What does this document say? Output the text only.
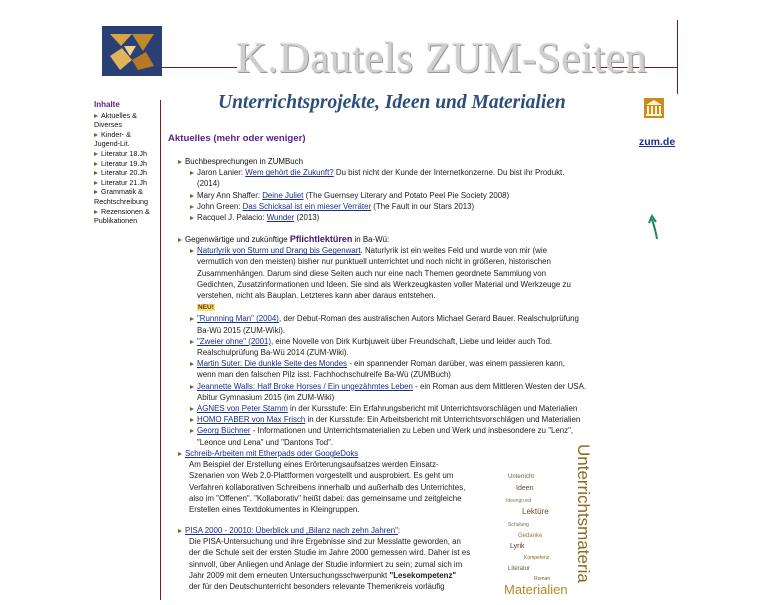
K.Dautels ZUM-Seiten
Unterrichtsprojekte, Ideen und Materialien
zum.de
Inhalte
Aktuelles &
Diverses
Kinder- &
Jugend-Lit.
Literatur 18.Jh
Literatur 19.Jh
Literatur 20.Jh
Literatur 21.Jh
Grammatik &
Rechtschreibung
Rezensionen &
Publikationen
Aktuelles (mehr oder weniger)
Buchbesprechungen in ZUMBuch
Jaron Lanier: Wem gehört die Zukunft? Du bist nicht der Kunde der Internetkonzerne. Du bist ihr Produkt.
(2014)
Mary Ann Shaffer: Deine Juliet (The Guernsey Literary and Potato Peel Pie Society 2008)
John Green: Das Schicksal ist ein mieser Verräter (The Fault in our Stars 2013)
Racquel J. Palacio: Wunder (2013)
Gegenwärtige und zukünftige Pflichtlektüren in Ba-Wü:
Naturlyrik von Sturm und Drang bis Gegenwart. Naturlyrik ist ein weites Feld und wurde von mir (wie
vermutlich von den meisten) bisher nur punktuell unterrichtet und noch nicht in größeren, historischen
Zusammenhängen. Darum sind diese Seiten auch nur eine nach Themen geordnete Sammlung von
Gedichten, Zusatzinformationen und Ideen. Sie sind als Werkzeugkasten voller Material und Werkzeuge zu
verstehen, nicht als Bauplan. Letzteres kann aber daraus entstehen.
NEU!
"Runnning Man" (2004), der Debut-Roman des australischen Autors Michael Gerard Bauer. Realschulprüfung
Ba-Wü 2015 (ZUM-Wiki).
"Zweier ohne" (2001), eine Novelle von Dirk Kurbjuweit über Freundschaft, Liebe und leider auch Tod.
Realschulprüfung Ba-Wü 2014 (ZUM-Wiki).
Martin Suter: Die dunkle Seite des Mondes - ein spannender Roman darüber, was einem passieren kann,
wenn man den falschen Pilz isst. Fachhochschulreife Ba-Wü (ZUMBuch)
Jeannette Walls: Half Broke Horses / Ein ungezähmtes Leben - ein Roman aus dem Mittleren Westen der USA.
Abitur Gymnasium 2015 (im ZUM-Wiki)
AGNES von Peter Stamm in der Kursstufe: Ein Erfahrungsbericht mit Unterrichtsvorschlägen und Materialien
HOMO FABER von Max Frisch in der Kursstufe: Ein Arbeitsbericht mit Unterrichtsvorschlägen und Materialien
Georg Büchner - Informationen und Unterrichtsmaterialien zu Leben und Werk und insbesondere zu "Lenz",
"Leonce und Lena" und "Dantons Tod".
Schreib-Arbeiten mit Etherpads oder GoogleDoks
Am Beispiel der Erstellung eines Erörterungsaufsatzes werden Einsatz-
Szenarien von Web 2.0-Plattformen vorgestellt und ausprobiert. Es geht um
Verfahren kollaborativen Schreibens innerhalb und außerhalb des Unterrichtes,
also im "Offenen". "Kollaborativ" heißt dabei: das gemeinsame und zeitgleiche
Erstellen eines Textdokumentes in Kleingruppen.
PISA 2000 - 20010: Überblick und „Bilanz nach zehn Jahren":
Die PISA-Untersuchung und ihre Ergebnisse sind zur Messlatte geworden, an
der die Schule seit der ersten Studie im Jahre 2000 gemessen wird. Daher ist es
sinnvoll, über Anliegen und Anlage der Studie informiert zu sein; zumal sich im
Jahr 2009 mit dem erneuten Untersuchungsschwerpunkt "Lesekompetenz"
der für den Deutschunterricht besonders relevante Themenkreis vorläufig
Unterrichtsmateria
Unterricht
Ideen
Ideengrund
Lektüre
Schulung
Gedanke
Lyrik
Kompetenz
Literatur
Roman
Materialien
